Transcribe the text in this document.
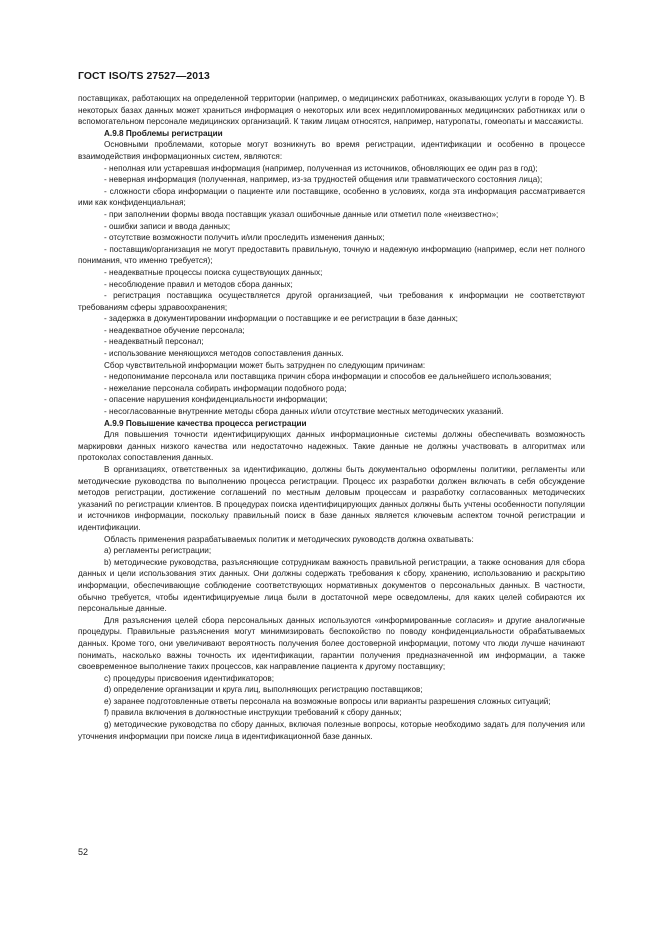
ГОСТ ISO/TS 27527—2013

поставщиках, работающих на определенной территории (например, о медицинских работниках, оказывающих услуги в городе Y). В некоторых базах данных может храниться информация о некоторых или всех недипломированных медицинских работниках или о вспомогательном персонале медицинских организаций. К таким лицам относятся, например, натуропаты, гомеопаты и массажисты.

А.9.8 Проблемы регистрации

Основными проблемами, которые могут возникнуть во время регистрации, идентификации и особенно в процессе взаимодействия информационных систем, являются:

- неполная или устаревшая информация (например, полученная из источников, обновляющих ее один раз в год);

- неверная информация (полученная, например, из-за трудностей общения или травматического состояния лица);

- сложности сбора информации о пациенте или поставщике, особенно в условиях, когда эта информация рассматривается ими как конфиденциальная;

- при заполнении формы ввода поставщик указал ошибочные данные или отметил поле «неизвестно»;

- ошибки записи и ввода данных;

- отсутствие возможности получить и/или проследить изменения данных;

- поставщик/организация не могут предоставить правильную, точную и надежную информацию (например, если нет полного понимания, что именно требуется);

- неадекватные процессы поиска существующих данных;

- несоблюдение правил и методов сбора данных;

- регистрация поставщика осуществляется другой организацией, чьи требования к информации не соответствуют требованиям сферы здравоохранения;

- задержка в документировании информации о поставщике и ее регистрации в базе данных;

- неадекватное обучение персонала;

- неадекватный персонал;

- использование меняющихся методов сопоставления данных.

Сбор чувствительной информации может быть затруднен по следующим причинам:

- недопонимание персонала или поставщика причин сбора информации и способов ее дальнейшего использования;

- нежелание персонала собирать информации подобного рода;

- опасение нарушения конфиденциальности информации;

- несогласованные внутренние методы сбора данных и/или отсутствие местных методических указаний.

А.9.9 Повышение качества процесса регистрации

Для повышения точности идентифицирующих данных информационные системы должны обеспечивать возможность маркировки данных низкого качества или недостаточно надежных. Такие данные не должны участвовать в алгоритмах или протоколах сопоставления данных.

В организациях, ответственных за идентификацию, должны быть документально оформлены политики, регламенты или методические руководства по выполнению процесса регистрации. Процесс их разработки должен включать в себя обсуждение методов регистрации, достижение соглашений по местным деловым процессам и разработку согласованных методических указаний по регистрации клиентов. В процедурах поиска идентифицирующих данных должны быть учтены особенности популяции и источников информации, поскольку правильный поиск в базе данных является ключевым аспектом точной регистрации и идентификации.

Область применения разрабатываемых политик и методических руководств должна охватывать:

a) регламенты регистрации;

b) методические руководства, разъясняющие сотрудникам важность правильной регистрации, а также основания для сбора данных и цели использования этих данных. Они должны содержать требования к сбору, хранению, использованию и раскрытию информации, обеспечивающие соблюдение соответствующих нормативных документов о персональных данных. В частности, обычно требуется, чтобы идентифицируемые лица были в достаточной мере осведомлены, для каких целей собираются их персональные данные.

Для разъяснения целей сбора персональных данных используются «информированные согласия» и другие аналогичные процедуры. Правильные разъяснения могут минимизировать беспокойство по поводу конфиденциальности обрабатываемых данных. Кроме того, они увеличивают вероятность получения более достоверной информации, потому что люди лучше начинают понимать, насколько важны точность их идентификации, гарантии получения предназначенной им информации, а также своевременное выполнение таких процессов, как направление пациента к другому поставщику;

c) процедуры присвоения идентификаторов;

d) определение организации и круга лиц, выполняющих регистрацию поставщиков;

e) заранее подготовленные ответы персонала на возможные вопросы или варианты разрешения сложных ситуаций;

f) правила включения в должностные инструкции требований к сбору данных;

g) методические руководства по сбору данных, включая полезные вопросы, которые необходимо задать для получения или уточнения информации при поиске лица в идентификационной базе данных.

52
